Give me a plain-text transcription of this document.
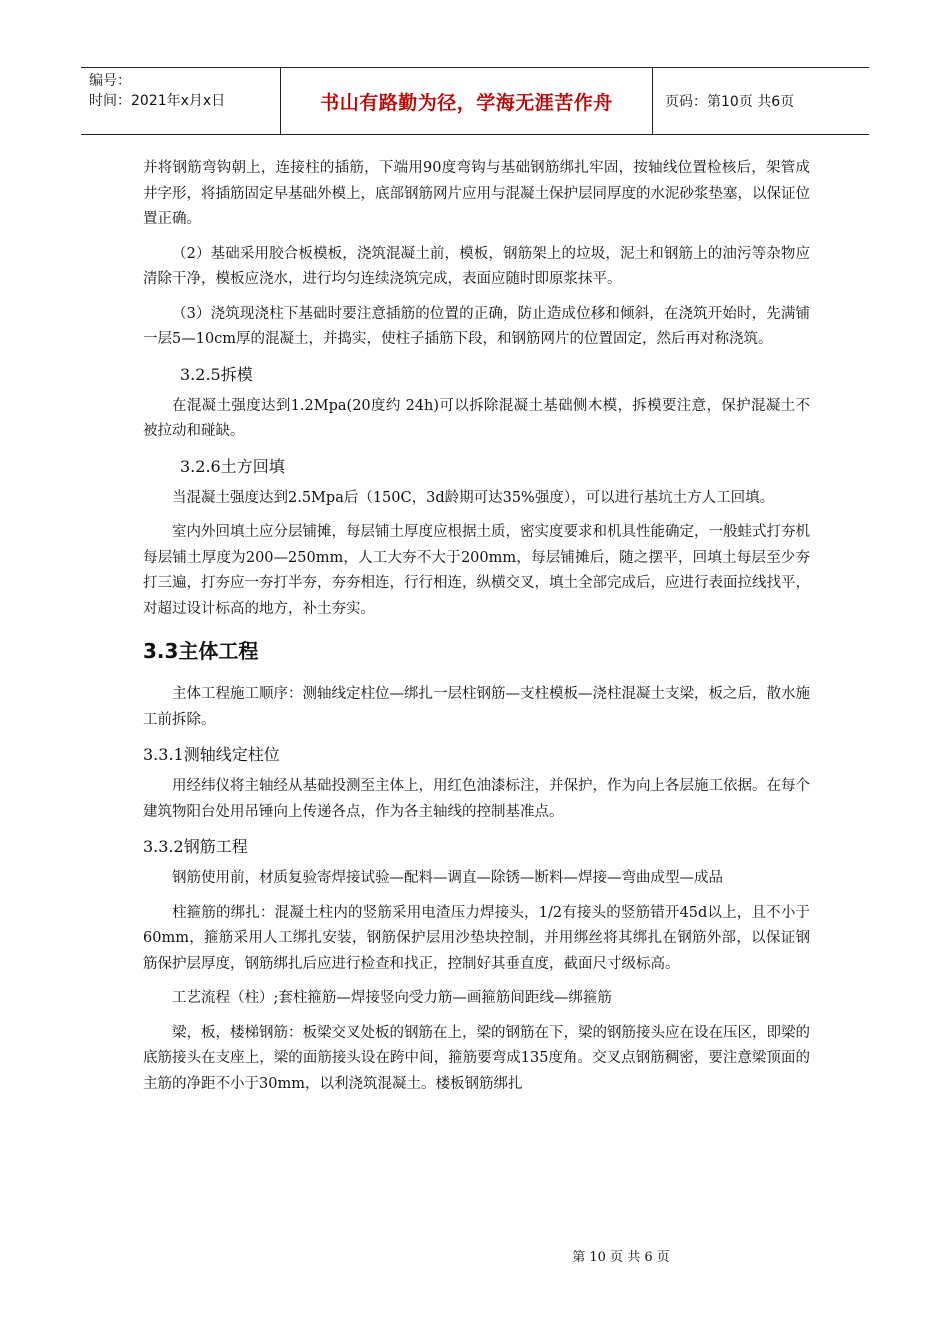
编号：
时间：2021年x月x日	书山有路勤为径，学海无涯苦作舟	页码：第10页 共6页

并将钢筋弯钩朝上，连接柱的插筋，下端用90度弯钩与基础钢筋绑扎牢固，按轴线位置检核后，架管成井字形，将插筋固定早基础外模上，底部钢筋网片应用与混凝土保护层同厚度的水泥砂浆垫塞，以保证位置正确。

（2）基础采用胶合板模板，浇筑混凝土前，模板，钢筋架上的垃圾，泥土和钢筋上的油污等杂物应清除干净，模板应浇水，进行均匀连续浇筑完成，表面应随时即原浆抹平。

（3）浇筑现浇柱下基础时要注意插筋的位置的正确，防止造成位移和倾斜，在浇筑开始时，先满铺一层5—10cm厚的混凝土，并捣实，使柱子插筋下段，和钢筋网片的位置固定，然后再对称浇筑。

3.2.5拆模

在混凝土强度达到1.2Mpa(20度约 24h)可以拆除混凝土基础侧木模，拆模要注意，保护混凝土不被拉动和碰缺。

3.2.6土方回填

当混凝土强度达到2.5Mpa后（150C，3d龄期可达35%强度），可以进行基坑土方人工回填。

室内外回填土应分层铺摊，每层铺土厚度应根据土质，密实度要求和机具性能确定，一般蛙式打夯机每层铺土厚度为200—250mm，人工大夯不大于200mm，每层铺摊后，随之摆平，回填土每层至少夯打三遍，打夯应一夯打半夯，夯夯相连，行行相连，纵横交叉，填土全部完成后，应进行表面拉线找平，对超过设计标高的地方，补土夯实。

3.3主体工程

主体工程施工顺序：测轴线定柱位—绑扎一层柱钢筋—支柱模板—浇柱混凝土支梁，板之后，散水施工前拆除。

3.3.1测轴线定柱位

用经纬仪将主轴经从基础投测至主体上，用红色油漆标注，并保护，作为向上各层施工依据。在每个建筑物阳台处用吊锤向上传递各点，作为各主轴线的控制基准点。

3.3.2钢筋工程

钢筋使用前，材质复验寄焊接试验—配料—调直—除锈—断料—焊接—弯曲成型—成品

柱箍筋的绑扎：混凝土柱内的竖筋采用电渣压力焊接头，1/2有接头的竖筋错开45d以上，且不小于60mm，箍筋采用人工绑扎安装，钢筋保护层用沙垫块控制，并用绑丝将其绑扎在钢筋外部，以保证钢筋保护层厚度，钢筋绑扎后应进行检查和找正，控制好其垂直度，截面尺寸级标高。

工艺流程（柱）;套柱箍筋—焊接竖向受力筋—画箍筋间距线—绑箍筋

梁，板，楼梯钢筋：板梁交叉处板的钢筋在上，梁的钢筋在下，梁的钢筋接头应在设在压区，即梁的底筋接头在支座上，梁的面筋接头设在跨中间，箍筋要弯成135度角。交叉点钢筋稠密，要注意梁顶面的主筋的净距不小于30mm，以利浇筑混凝土。楼板钢筋绑扎

第 10 页 共 6 页
